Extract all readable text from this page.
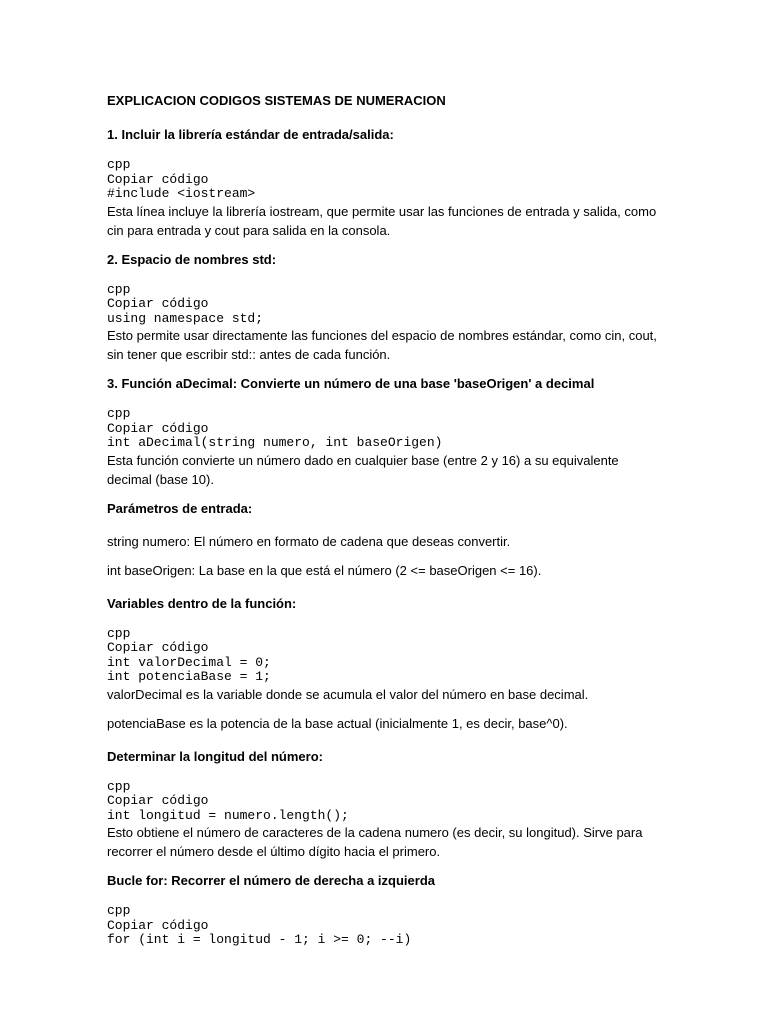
EXPLICACION CODIGOS SISTEMAS DE NUMERACION
1. Incluir la librería estándar de entrada/salida:
cpp
Copiar código
#include <iostream>
Esta línea incluye la librería iostream, que permite usar las funciones de entrada y salida, como cin para entrada y cout para salida en la consola.
2. Espacio de nombres std:
cpp
Copiar código
using namespace std;
Esto permite usar directamente las funciones del espacio de nombres estándar, como cin, cout, sin tener que escribir std:: antes de cada función.
3. Función aDecimal: Convierte un número de una base 'baseOrigen' a decimal
cpp
Copiar código
int aDecimal(string numero, int baseOrigen)
Esta función convierte un número dado en cualquier base (entre 2 y 16) a su equivalente decimal (base 10).
Parámetros de entrada:
string numero: El número en formato de cadena que deseas convertir.
int baseOrigen: La base en la que está el número (2 <= baseOrigen <= 16).
Variables dentro de la función:
cpp
Copiar código
int valorDecimal = 0;
int potenciaBase = 1;
valorDecimal es la variable donde se acumula el valor del número en base decimal.
potenciaBase es la potencia de la base actual (inicialmente 1, es decir, base^0).
Determinar la longitud del número:
cpp
Copiar código
int longitud = numero.length();
Esto obtiene el número de caracteres de la cadena numero (es decir, su longitud). Sirve para recorrer el número desde el último dígito hacia el primero.
Bucle for: Recorrer el número de derecha a izquierda
cpp
Copiar código
for (int i = longitud - 1; i >= 0; --i)
